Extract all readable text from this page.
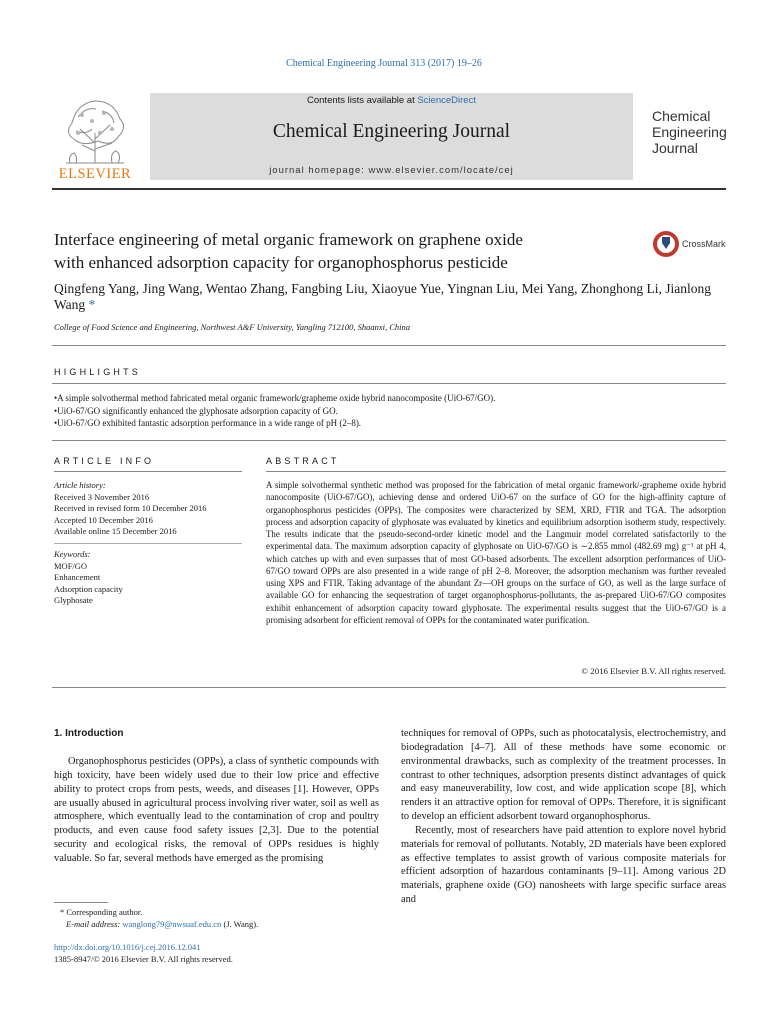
Chemical Engineering Journal 313 (2017) 19–26
ELSEVIER
Contents lists available at ScienceDirect
Chemical Engineering Journal
journal homepage: www.elsevier.com/locate/cej
Chemical
Engineering
Journal
Interface engineering of metal organic framework on graphene oxide
with enhanced adsorption capacity for organophosphorus pesticide
CrossMark
Qingfeng Yang, Jing Wang, Wentao Zhang, Fangbing Liu, Xiaoyue Yue, Yingnan Liu, Mei Yang, Zhonghong Li, Jianlong Wang *
College of Food Science and Engineering, Northwest A&F University, Yangling 712100, Shaanxi, China
HIGHLIGHTS
• A simple solvothermal method fabricated metal organic framework/grapheme oxide hybrid nanocomposite (UiO-67/GO).
• UiO-67/GO significantly enhanced the glyphosate adsorption capacity of GO.
• UiO-67/GO exhibited fantastic adsorption performance in a wide range of pH (2–8).
ARTICLE INFO	ABSTRACT
Article history:
Received 3 November 2016
Received in revised form 10 December 2016
Accepted 10 December 2016
Available online 15 December 2016
Keywords:
MOF/GO
Enhancement
Adsorption capacity
Glyphosate
A simple solvothermal synthetic method was proposed for the fabrication of metal organic framework/-grapheme oxide hybrid nanocomposite (UiO-67/GO), achieving dense and ordered UiO-67 on the surface of GO for the high-affinity capture of organophosphorus pesticides (OPPs). The composites were characterized by SEM, XRD, FTIR and TGA. The adsorption process and adsorption capacity of glyphosate was evaluated by kinetics and equilibrium adsorption isotherm study, respectively. The results indicate that the pseudo-second-order kinetic model and the Langmuir model correlated satisfactorily to the experimental data. The maximum adsorption capacity of glyphosate on UiO-67/GO is ∼2.855 mmol (482.69 mg) g⁻¹ at pH 4, which catches up with and even surpasses that of most GO-based adsorbents. The excellent adsorption performances of UiO-67/GO toward OPPs are also presented in a wide range of pH 2–8. Moreover, the adsorption mechanism was further revealed using XPS and FTIR. Taking advantage of the abundant Zr—OH groups on the surface of GO, as well as the large surface of available GO for enhancing the sequestration of target organophosphorus-pollutants, the as-prepared UiO-67/GO composites exhibit enhancement of adsorption capacity toward glyphosate. The experimental results suggest that the UiO-67/GO is a promising adsorbent for efficient removal of OPPs for the contaminated water purification.
© 2016 Elsevier B.V. All rights reserved.
1. Introduction

Organophosphorus pesticides (OPPs), a class of synthetic compounds with high toxicity, have been widely used due to their low price and effective ability to protect crops from pests, weeds, and diseases [1]. However, OPPs are usually abused in agricultural process involving river water, soil as well as atmosphere, which eventually lead to the contamination of crop and poultry products, and even cause food safety issues [2,3]. Due to the potential security and ecological risks, the removal of OPPs residues is highly valuable. So far, several methods have emerged as the promising

techniques for removal of OPPs, such as photocatalysis, electrochemistry, and biodegradation [4–7]. All of these methods have some economic or environmental drawbacks, such as complexity of the treatment processes. In contrast to other techniques, adsorption presents distinct advantages of quick and easy maneuverability, low cost, and wide application scope [8], which renders it an attractive option for removal of OPPs. Therefore, it is significant to develop an efficient adsorbent toward organophosphorus.

Recently, most of researchers have paid attention to explore novel hybrid materials for removal of pollutants. Notably, 2D materials have been explored as effective templates to assist growth of various composite materials for efficient adsorption of hazardous contaminants [9–11]. Among various 2D materials, graphene oxide (GO) nanosheets with large specific surface areas and

* Corresponding author.
E-mail address: wanglong79@nwsuaf.edu.cn (J. Wang).
http://dx.doi.org/10.1016/j.cej.2016.12.041
1385-8947/© 2016 Elsevier B.V. All rights reserved.
